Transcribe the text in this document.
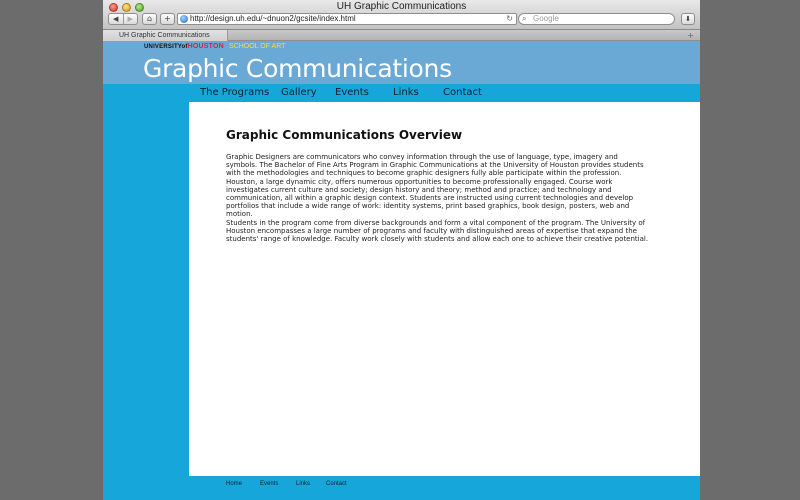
UH Graphic Communications
◀	▶	⌂	+	http://design.uh.edu/~dnuon2/gcsite/index.html	↻ ⌕ Google	⬇
UH Graphic Communications	+
UNIVERSITYofHOUSTON SCHOOL OF ART
Graphic Communications
The Programs Gallery Events Links Contact
Graphic Communications Overview

Graphic Designers are communicators who convey information through the use of language, type, imagery and symbols. The Bachelor of Fine Arts Program in Graphic Communications at the University of Houston provides students with the methodologies and techniques to become graphic designers fully able participate within the profession. Houston, a large dynamic city, offers numerous opportunities to become professionally engaged. Course work investigates current culture and society; design history and theory; method and practice; and technology and communication, all within a graphic design context. Students are instructed using current technologies and develop portfolios that include a wide range of work: identity systems, print based graphics, book design, posters, web and motion.

Students in the program come from diverse backgrounds and form a vital component of the program. The University of Houston encompasses a large number of programs and faculty with distinguished areas of expertise that expand the students' range of knowledge. Faculty work closely with students and allow each one to achieve their creative potential.

Home	Events	Links	Contact
